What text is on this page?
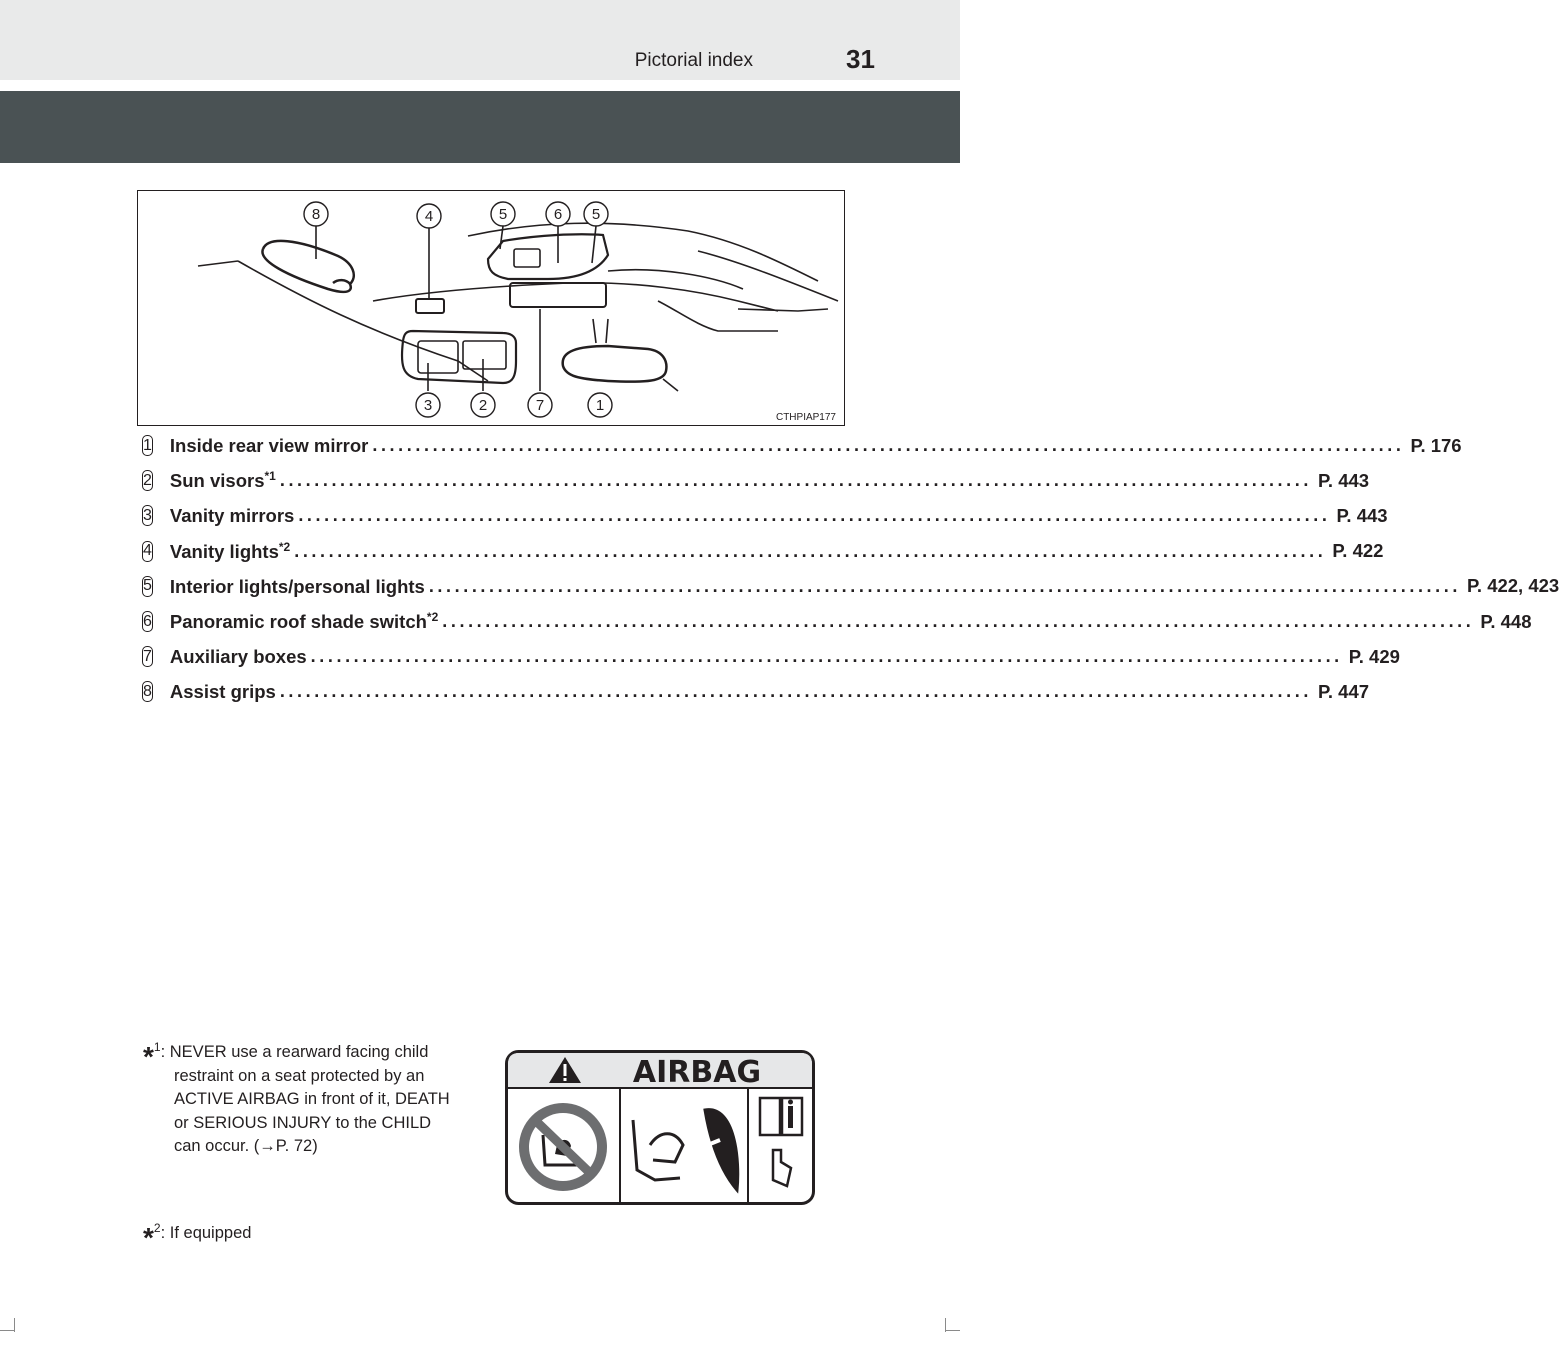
Pictorial index	31
8	4	5	6 5
3	2	7	1
CTHPIAP177
1 Inside rear view mirror ........................................................................................................................ P. 176
2 Sun visors$^{*1}$ ........................................................................................................................ P. 443
3 Vanity mirrors ........................................................................................................................ P. 443
4 Vanity lights$^{*2}$ ........................................................................................................................ P. 422
5 Interior lights/personal lights ........................................................................................................................ P. 422, 423
6 Panoramic roof shade switch$^{*2}$ ........................................................................................................................ P. 448
7 Auxiliary boxes ........................................................................................................................ P. 429
8 Assist grips ........................................................................................................................ P. 447
*$^1$: NEVER use a rearward facing child
restraint on a seat protected by an
ACTIVE AIRBAG in front of it, DEATH
or SERIOUS INJURY to the CHILD
can occur. (→P. 72)
*$^2$: If equipped
AIRBAG
